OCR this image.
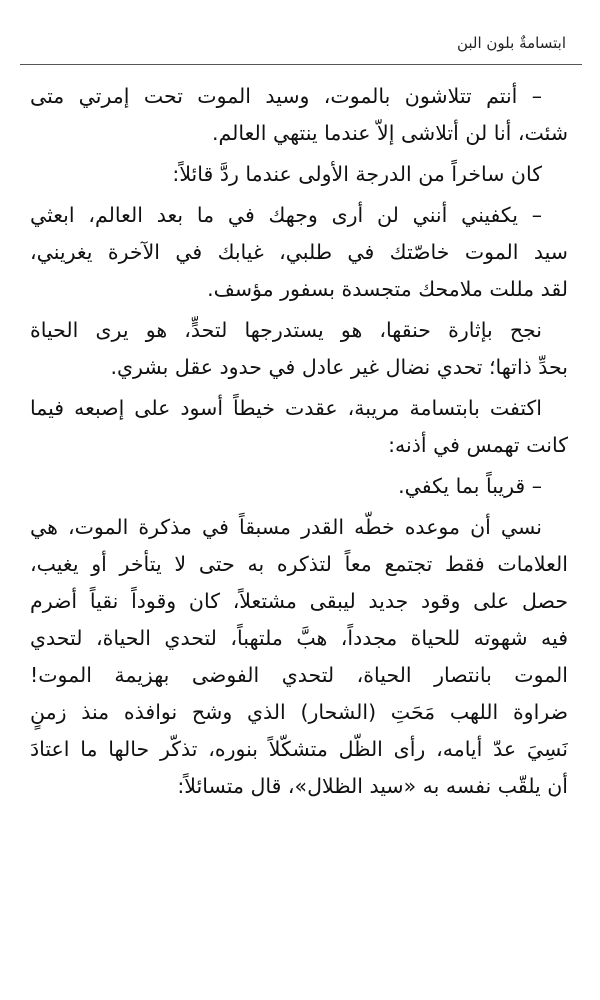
ابتسامةٌ بلون البن
– أنتم تتلاشون بالموت، وسيد الموت تحت إمرتي متى
شئت، أنا لن أتلاشى إلاّ عندما ينتهي العالم.
كان ساخراً من الدرجة الأولى عندما ردَّ قائلاً:
– يكفيني أنني لن أرى وجهك في ما بعد العالم، ابعثي
سيد الموت خاصّتك في طلبي، غيابك في الآخرة يغريني،
لقد مللت ملامحك متجسدة بسفور مؤسف.
نجح بإثارة حنقها، هو يستدرجها لتحدٍّ، هو يرى الحياة
بحدِّ ذاتها؛ تحدي نضال غير عادل في حدود عقل بشري.
اكتفت بابتسامة مريبة، عقدت خيطاً أسود على إصبعه فيما
كانت تهمس في أذنه:
– قريباً بما يكفي.
نسي أن موعده خطّه القدر مسبقاً في مذكرة الموت، هي
العلامات فقط تجتمع معاً لتذكره به حتى لا يتأخر أو يغيب،
حصل على وقود جديد ليبقى مشتعلاً، كان وقوداً نقياً أضرم
فيه شهوته للحياة مجدداً، هبَّ ملتهباً، لتحدي الحياة، لتحدي
الموت بانتصار الحياة، لتحدي الفوضى بهزيمة الموت!
ضراوة اللهب مَحَتِ (الشحار) الذي وشح نوافذه منذ زمنٍ
نَسِيَ عدّ أيامه، رأى الظّل متشكّلاً بنوره، تذكّر حالها ما اعتادَ
أن يلقّب نفسه به «سيد الظلال»، قال متسائلاً:
